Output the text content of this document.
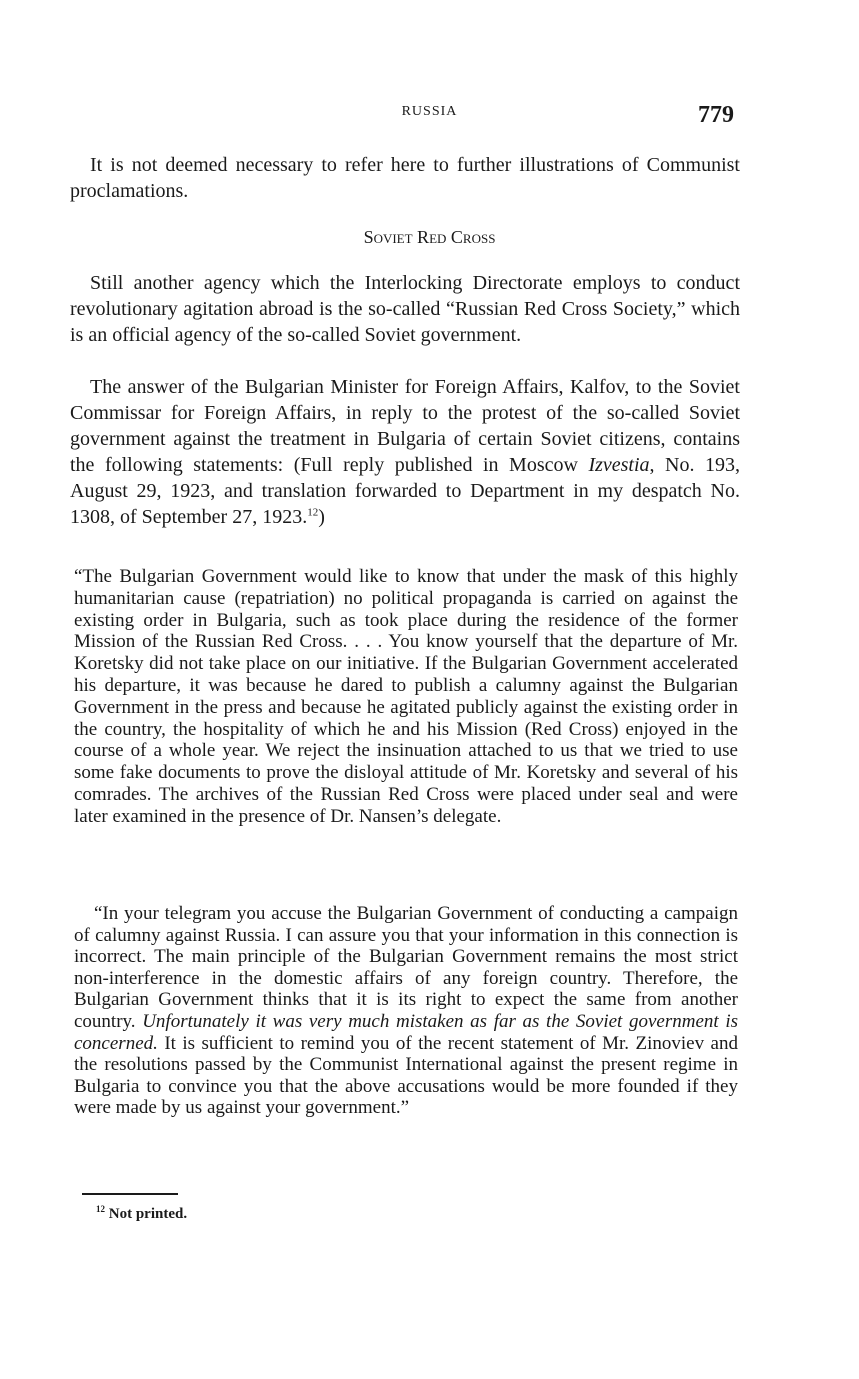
RUSSIA	779

It is not deemed necessary to refer here to further illustrations of Communist proclamations.

Soviet Red Cross

Still another agency which the Interlocking Directorate employs to conduct revolutionary agitation abroad is the so-called “Russian Red Cross Society,” which is an official agency of the so-called Soviet government.

The answer of the Bulgarian Minister for Foreign Affairs, Kalfov, to the Soviet Commissar for Foreign Affairs, in reply to the protest of the so-called Soviet government against the treatment in Bulgaria of certain Soviet citizens, contains the following statements: (Full reply published in Moscow Izvestia, No. 193, August 29, 1923, and translation forwarded to Department in my despatch No. 1308, of September 27, 1923.12)

“The Bulgarian Government would like to know that under the mask of this highly humanitarian cause (repatriation) no political propaganda is carried on against the existing order in Bulgaria, such as took place during the residence of the former Mission of the Russian Red Cross. . . . You know yourself that the departure of Mr. Koretsky did not take place on our initiative. If the Bulgarian Government accelerated his departure, it was because he dared to publish a calumny against the Bulgarian Government in the press and because he agitated publicly against the existing order in the country, the hospitality of which he and his Mission (Red Cross) enjoyed in the course of a whole year. We reject the insinuation attached to us that we tried to use some fake documents to prove the disloyal attitude of Mr. Koretsky and several of his comrades. The archives of the Russian Red Cross were placed under seal and were later examined in the presence of Dr. Nansen’s delegate.

“In your telegram you accuse the Bulgarian Government of conducting a campaign of calumny against Russia. I can assure you that your information in this connection is incorrect. The main principle of the Bulgarian Government remains the most strict non-interference in the domestic affairs of any foreign country. Therefore, the Bulgarian Government thinks that it is its right to expect the same from another country. Unfortunately it was very much mistaken as far as the Soviet government is concerned. It is sufficient to remind you of the recent statement of Mr. Zinoviev and the resolutions passed by the Communist International against the present regime in Bulgaria to convince you that the above accusations would be more founded if they were made by us against your government.”

$^{12}$ Not printed.
